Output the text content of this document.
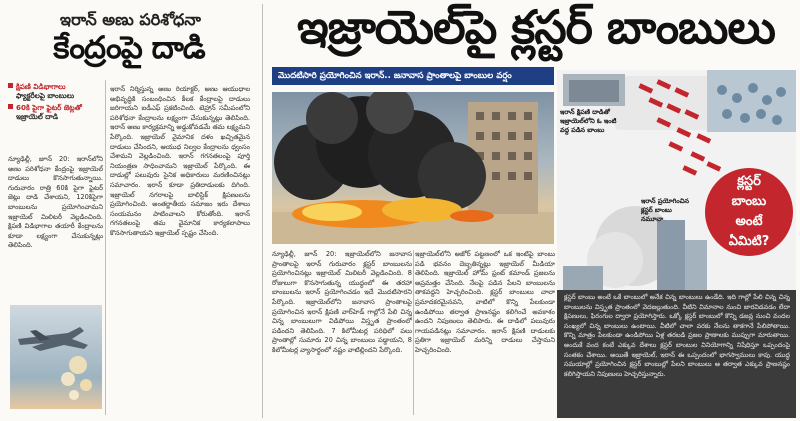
ఇరాన్ అణు పరిశోధనా
కేంద్రంపై దాడి
క్షిపణి విడిభాగాలు
ఫ్యాక్టరీలపై బాంబులు
60కి పైగా ఫైటర్ జెట్లతో
ఇజ్రాయెల్ దాడి
న్యూఢిల్లీ, జూన్ 20: ఇరాన్‌లోని అణు పరిశోధనా కేంద్రంపై ఇజ్రాయెల్ దాడులు కొనసాగుతున్నాయి. గురువారం రాత్రి 60కి పైగా ఫైటర్ జెట్లు దాడి చేశాయని, 120కిపైగా బాంబులను ప్రయోగించామని ఇజ్రాయెల్ మిలిటరీ వెల్లడించింది. క్షిపణి విడిభాగాల తయారీ కేంద్రాలను కూడా లక్ష్యంగా చేసుకున్నట్లు తెలిపింది.
ఇరాన్ నిర్మిస్తున్న అణు రియాక్టర్, అణు ఆయుధాల అభివృద్ధికి సంబంధించిన కీలక కేంద్రాలపై దాడులు జరిగాయని ఐడీఎఫ్ ప్రకటించింది. టెహ్రాన్ సమీపంలోని పరిశోధనా కేంద్రాలను లక్ష్యంగా చేసుకున్నట్లు తెలిపింది. ఇరాన్ అణు కార్యక్రమాన్ని అడ్డుకోవడమే తమ లక్ష్యమని పేర్కొంది. ఇజ్రాయెల్ వైమానిక దళం ఖచ్చితమైన దాడులు చేసిందని, ఆయుధ నిల్వల కేంద్రాలను ధ్వంసం చేశామని వెల్లడించింది. ఇరాన్ గగనతలంపై పూర్తి నియంత్రణ సాధించామని ఇజ్రాయెల్ పేర్కొంది. ఈ దాడుల్లో పలువురు సైనిక అధికారులు మరణించినట్లు సమాచారం. ఇరాన్ కూడా ప్రతిదాడులకు దిగింది. ఇజ్రాయెల్ నగరాలపై బాలిస్టిక్ క్షిపణులను ప్రయోగించింది. అంతర్జాతీయ సమాజం ఇరు దేశాలు సంయమనం పాటించాలని కోరుతోంది. ఇరాన్ గగనతలంపై తమ వైమానిక కార్యకలాపాలు కొనసాగుతాయని ఇజ్రాయెల్ స్పష్టం చేసింది.
ఇజ్రాయెల్‌పై క్లస్టర్ బాంబులు
మొదటిసారి ప్రయోగించిన ఇరాన్.. జనావాస ప్రాంతాలపై బాంబుల వర్షం
న్యూఢిల్లీ, జూన్ 20: ఇజ్రాయెల్‌లోని జనావాస ప్రాంతాలపై ఇరాన్ గురువారం క్లస్టర్ బాంబులను ప్రయోగించినట్లు ఇజ్రాయెల్ మిలిటరీ వెల్లడించింది. 8 రోజులుగా కొనసాగుతున్న యుద్ధంలో ఈ తరహా బాంబులను ఇరాన్ ప్రయోగించడం ఇదే మొదటిసారని పేర్కొంది. ఇజ్రాయెల్‌లోని జనావాస ప్రాంతాలపై ప్రయోగించిన ఇరాన్ క్షిపణి వార్‌హెడ్ గాల్లోనే పేలి చిన్న చిన్న బాంబులుగా విడిపోయి విస్తృత ప్రాంతంలో పడిందని తెలిపింది. 7 కిలోమీటర్ల పరిధిలో పలు ప్రాంతాల్లో సుమారు 20 చిన్న బాంబులు పడ్డాయని, 8 కిలోమీటర్ల వ్యాసార్థంలో నష్టం వాటిల్లిందని పేర్కొంది.
ఇజ్రాయెల్‌లోని అజోర్ పట్టణంలో ఒక ఇంటిపై బాంబు పడి భవనం దెబ్బతిన్నట్లు ఇజ్రాయెల్ మీడియా తెలిపింది. ఇజ్రాయెల్ హోమ్ ఫ్రంట్ కమాండ్ ప్రజలను అప్రమత్తం చేసింది. నేలపై పడిన పేలని బాంబులను తాకవద్దని హెచ్చరించింది. క్లస్టర్ బాంబులు చాలా ప్రమాదకరమైనవని, వాటిలో కొన్ని పేలకుండా ఉండిపోయి తర్వాత ప్రాణనష్టం కలిగించే అవకాశం ఉందని నిపుణులు తెలిపారు. ఈ దాడిలో పలువురు గాయపడినట్లు సమాచారం. ఇరాన్ క్షిపణి దాడులకు ప్రతిగా ఇజ్రాయెల్ మరిన్ని దాడులు చేస్తామని హెచ్చరించింది.
ఇరాన్ క్షిపణి దాడితో ఇజ్రాయెల్‌లోని ఓ ఇంటి వద్ద పడిన బాంబు
ఇరాన్ ప్రయోగించిన క్లస్టర్ బాంబు నమూనా
క్లస్టర్
బాంబు
అంటే
ఏమిటి?
క్లస్టర్ బాంబు అంటే ఒకే బాంబులో అనేక చిన్న బాంబులు ఉండేది. ఇది గాల్లో పేలి చిన్న చిన్న బాంబులను విస్తృత ప్రాంతంలో వెదజల్లుతుంది. వీటిని విమానాల నుంచి జారవిడవడం లేదా క్షిపణులు, ఫిరంగుల ద్వారా ప్రయోగిస్తారు. ఒక్కో క్లస్టర్ బాంబులో కొన్ని డజన్ల నుంచి వందల సంఖ్యలో చిన్న బాంబులు ఉంటాయి. వీటిలో చాలా వరకు నేలను తాకగానే పేలిపోతాయి. కొన్ని మాత్రం పేలకుండా ఉండిపోయి ఏళ్ల తరబడి ప్రజల ప్రాణాలకు ముప్పుగా మారుతాయి. అందుకే వంద కంటే ఎక్కువ దేశాలు క్లస్టర్ బాంబుల వినియోగాన్ని నిషేధిస్తూ ఒప్పందంపై సంతకం చేశాయి. అయితే ఇజ్రాయెల్, ఇరాన్ ఈ ఒప్పందంలో భాగస్వాములు కావు. యుద్ధ సమయాల్లో ప్రయోగించిన క్లస్టర్ బాంబుల్లో పేలని బాంబులు ఆ తర్వాత ఎక్కువ ప్రాణనష్టం కలిగిస్తాయని నిపుణులు హెచ్చరిస్తున్నారు.
